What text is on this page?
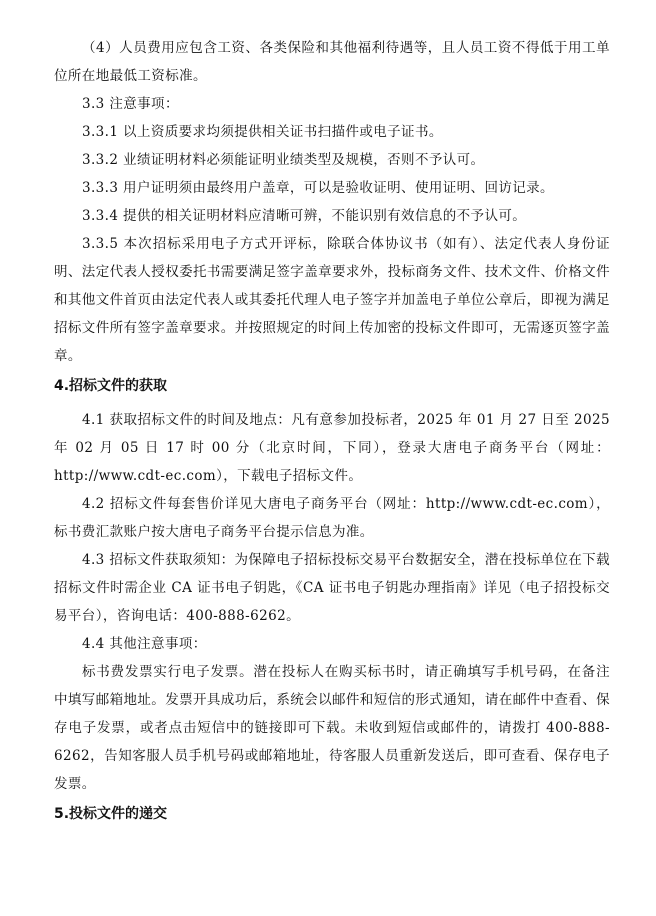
（4）人员费用应包含工资、各类保险和其他福利待遇等，且人员工资不得低于用工单位所在地最低工资标准。

3.3 注意事项：

3.3.1 以上资质要求均须提供相关证书扫描件或电子证书。

3.3.2 业绩证明材料必须能证明业绩类型及规模，否则不予认可。

3.3.3 用户证明须由最终用户盖章，可以是验收证明、使用证明、回访记录。

3.3.4 提供的相关证明材料应清晰可辨，不能识别有效信息的不予认可。

3.3.5 本次招标采用电子方式开评标，除联合体协议书（如有）、法定代表人身份证明、法定代表人授权委托书需要满足签字盖章要求外，投标商务文件、技术文件、价格文件和其他文件首页由法定代表人或其委托代理人电子签字并加盖电子单位公章后，即视为满足招标文件所有签字盖章要求。并按照规定的时间上传加密的投标文件即可，无需逐页签字盖章。

4.招标文件的获取

4.1 获取招标文件的时间及地点：凡有意参加投标者，2025 年 01 月 27 日至 2025 年 02 月 05 日 17 时 00 分（北京时间，下同），登录大唐电子商务平台（网址：http://www.cdt-ec.com），下载电子招标文件。

4.2 招标文件每套售价详见大唐电子商务平台（网址：http://www.cdt-ec.com），标书费汇款账户按大唐电子商务平台提示信息为准。

4.3 招标文件获取须知：为保障电子招标投标交易平台数据安全，潜在投标单位在下载招标文件时需企业 CA 证书电子钥匙，《CA 证书电子钥匙办理指南》详见（电子招投标交易平台），咨询电话：400-888-6262。

4.4 其他注意事项：

标书费发票实行电子发票。潜在投标人在购买标书时，请正确填写手机号码，在备注中填写邮箱地址。发票开具成功后，系统会以邮件和短信的形式通知，请在邮件中查看、保存电子发票，或者点击短信中的链接即可下载。未收到短信或邮件的，请拨打 400-888-6262，告知客服人员手机号码或邮箱地址，待客服人员重新发送后，即可查看、保存电子发票。

5.投标文件的递交
